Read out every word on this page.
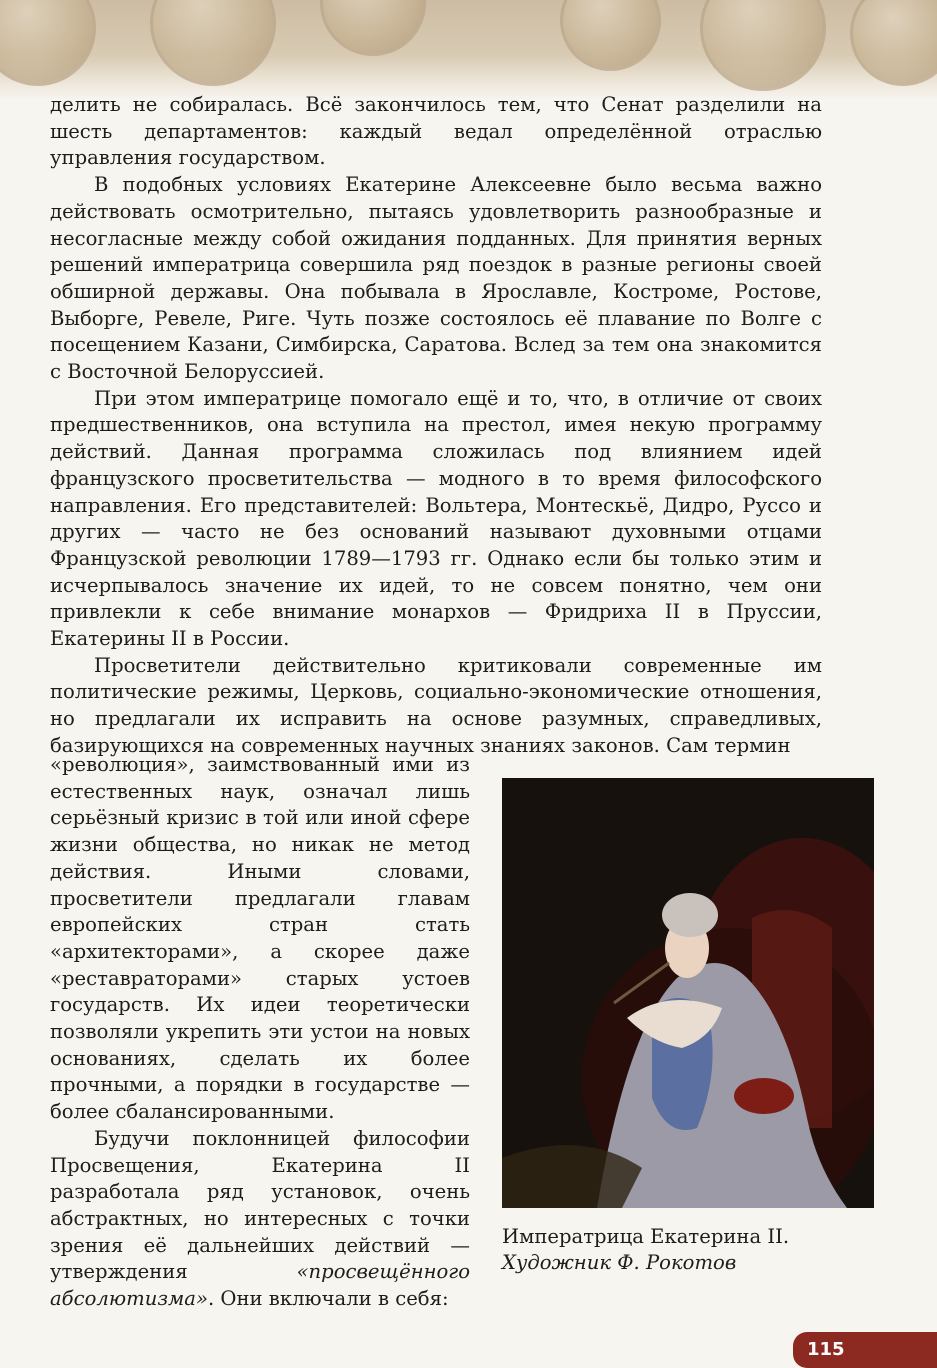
делить не собиралась. Всё закончилось тем, что Сенат разделили на шесть департаментов: каждый ведал определённой отраслью управления государством.

В подобных условиях Екатерине Алексеевне было весьма важно действовать осмотрительно, пытаясь удовлетворить разнообразные и несогласные между собой ожидания подданных. Для принятия верных решений императрица совершила ряд поездок в разные регионы своей обширной державы. Она побывала в Ярославле, Костроме, Ростове, Выборге, Ревеле, Риге. Чуть позже состоялось её плавание по Волге с посещением Казани, Симбирска, Саратова. Вслед за тем она знакомится с Восточной Белоруссией.

При этом императрице помогало ещё и то, что, в отличие от своих предшественников, она вступила на престол, имея некую программу действий. Данная программа сложилась под влиянием идей французского просветительства — модного в то время философского направления. Его представителей: Вольтера, Монтескьё, Дидро, Руссо и других — часто не без оснований называют духовными отцами Французской революции 1789—1793 гг. Однако если бы только этим и исчерпывалось значение их идей, то не совсем понятно, чем они привлекли к себе внимание монархов — Фридриха II в Пруссии, Екатерины II в России.

Просветители действительно критиковали современные им политические режимы, Церковь, социально-экономические отношения, но предлагали их исправить на основе разумных, справедливых, базирующихся на современных научных знаниях законов. Сам термин

«революция», заимствованный ими из естественных наук, означал лишь серьёзный кризис в той или иной сфере жизни общества, но никак не метод действия. Иными словами, просветители предлагали главам европейских стран стать «архитекторами», а скорее даже «реставраторами» старых устоев государств. Их идеи теоретически позволяли укрепить эти устои на новых основаниях, сделать их более прочными, а порядки в государстве — более сбалансированными.

Будучи поклонницей философии Просвещения, Екатерина II разработала ряд установок, очень абстрактных, но интересных с точки зрения её дальнейших действий — утверждения «просвещённого абсолютизма». Они включали в себя:

Императрица Екатерина II.
Художник Ф. Рокотов
115
